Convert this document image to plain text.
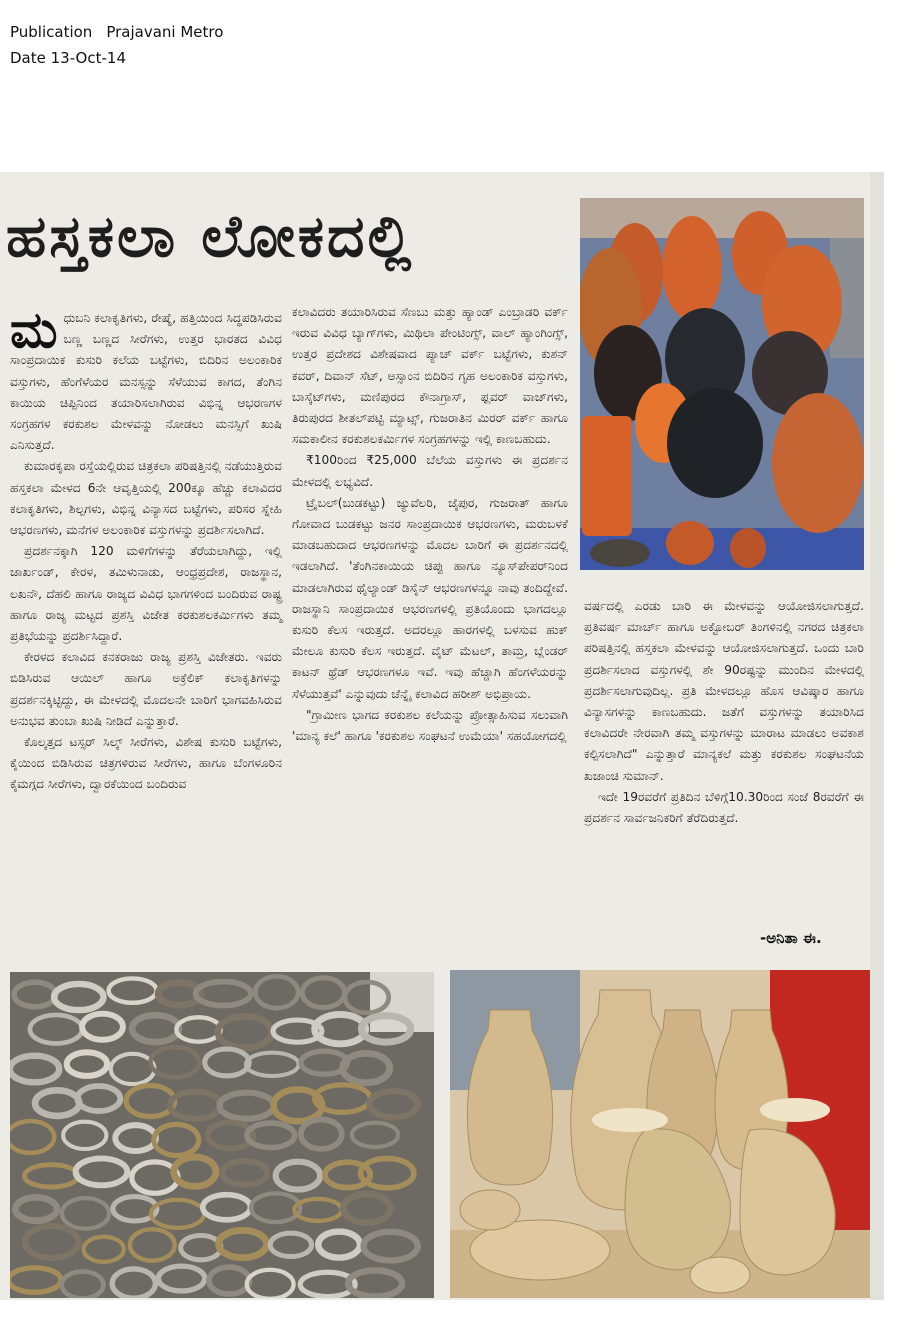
Publication Prajavani Metro
Date 13-Oct-14
ಹಸ್ತಕಲಾ ಲೋಕದಲ್ಲಿ

ಮಧುಬನಿ ಕಲಾಕೃತಿಗಳು, ರೇಷ್ಮೆ, ಹತ್ತಿಯಿಂದ ಸಿದ್ಧಪಡಿಸಿರುವ ಬಣ್ಣ ಬಣ್ಣದ ಸೀರೆಗಳು, ಉತ್ತರ ಭಾರತದ ವಿವಿಧ ಸಾಂಪ್ರದಾಯಿಕ ಕುಸುರಿ ಕಲೆಯ ಬಟ್ಟೆಗಳು, ಬಿದಿರಿನ ಅಲಂಕಾರಿಕ ವಸ್ತುಗಳು, ಹೆಂಗೆಳೆಯರ ಮನಸ್ಸನ್ನು ಸೆಳೆಯುವ ಕಾಗದ, ತೆಂಗಿನ ಕಾಯಿಯ ಚಿಪ್ಪಿನಿಂದ ತಯಾರಿಸಲಾಗಿರುವ ವಿಭಿನ್ನ ಆಭರಣಗಳ ಸಂಗ್ರಹಗಳ ಕರಕುಶಲ ಮೇಳವನ್ನು ನೋಡಲು ಮನಸ್ಸಿಗೆ ಖುಷಿ ಎನಿಸುತ್ತದೆ.

ಕುಮಾರಕೃಪಾ ರಸ್ತೆಯಲ್ಲಿರುವ ಚಿತ್ರಕಲಾ ಪರಿಷತ್ತಿನಲ್ಲಿ ನಡೆಯುತ್ತಿರುವ ಹಸ್ತಕಲಾ ಮೇಳದ 6ನೇ ಆವೃತ್ತಿಯಲ್ಲಿ 200ಕ್ಕೂ ಹೆಚ್ಚು ಕಲಾವಿದರ ಕಲಾಕೃತಿಗಳು, ಶಿಲ್ಪಗಳು, ವಿಭಿನ್ನ ವಿನ್ಯಾಸದ ಬಟ್ಟೆಗಳು, ಪರಿಸರ ಸ್ನೇಹಿ ಆಭರಣಗಳು, ಮನೆಗಳ ಅಲಂಕಾರಿಕ ವಸ್ತುಗಳನ್ನು ಪ್ರದರ್ಶಿಸಲಾಗಿದೆ.

ಪ್ರದರ್ಶನಕ್ಕಾಗಿ 120 ಮಳಿಗೆಗಳನ್ನು ತೆರೆಯಲಾಗಿದ್ದು, ಇಲ್ಲಿ ಜಾರ್ಖಂಡ್, ಕೇರಳ, ತಮಿಳುನಾಡು, ಆಂಧ್ರಪ್ರದೇಶ, ರಾಜಸ್ಥಾನ, ಲಖನೌ, ದೆಹಲಿ ಹಾಗೂ ರಾಜ್ಯದ ವಿವಿಧ ಭಾಗಗಳಿಂದ ಬಂದಿರುವ ರಾಷ್ಟ್ರ ಹಾಗೂ ರಾಜ್ಯ ಮಟ್ಟದ ಪ್ರಶಸ್ತಿ ವಿಜೇತ ಕರಕುಶಲಕರ್ಮಿಗಳು ತಮ್ಮ ಪ್ರತಿಭೆಯನ್ನು ಪ್ರದರ್ಶಿಸಿದ್ದಾರೆ.

ಕೇರಳದ ಕಲಾವಿದ ಕನಕರಾಜು ರಾಜ್ಯ ಪ್ರಶಸ್ತಿ ವಿಜೇತರು. ಇವರು ಬಿಡಿಸಿರುವ ಆಯಿಲ್ ಹಾಗೂ ಅಕ್ರೆಲಿಕ್ ಕಲಾಕೃತಿಗಳನ್ನು ಪ್ರದರ್ಶನಕ್ಕಿಟ್ಟಿದ್ದು, ಈ ಮೇಳದಲ್ಲಿ ಮೊದಲನೇ ಬಾರಿಗೆ ಭಾಗವಹಿಸಿರುವ ಅನುಭವ ತುಂಬಾ ಖುಷಿ ನೀಡಿದೆ ಎನ್ನುತ್ತಾರೆ.

ಕೊಲ್ಕತ್ತದ ಟಸ್ಸರ್ ಸಿಲ್ಕ್ ಸೀರೆಗಳು, ವಿಶೇಷ ಕುಸುರಿ ಬಟ್ಟೆಗಳು, ಕೈಯಿಂದ ಬಿಡಿಸಿರುವ ಚಿತ್ರಗಳಿರುವ ಸೀರೆಗಳು, ಹಾಗೂ ಬೆಂಗಳೂರಿನ ಕೈಮಗ್ಗದ ಸೀರೆಗಳು, ದ್ವಾರಕೆಯಿಂದ ಬಂದಿರುವ

ಕಲಾವಿದರು ತಯಾರಿಸಿರುವ ಸೆಣಬು ಮತ್ತು ಹ್ಯಾಂಡ್ ಎಂಬ್ರಾಡರಿ ವರ್ಕ್ ಇರುವ ವಿವಿಧ ಬ್ಯಾಗ್‌ಗಳು, ಮಿಥಿಲಾ ಪೇಂಟಿಂಗ್ಸ್, ವಾಲ್ ಹ್ಯಾಂಗಿಂಗ್ಸ್, ಉತ್ತರ ಪ್ರದೇಶದ ವಿಶೇಷವಾದ ಪ್ಯಾಚ್ ವರ್ಕ್ ಬಟ್ಟೆಗಳು, ಕುಶನ್ ಕವರ್, ದಿವಾನ್ ಸೆಟ್, ಅಸ್ಸಾಂನ ಬಿದಿರಿನ ಗೃಹ ಅಲಂಕಾರಿಕ ವಸ್ತುಗಳು, ಬಾಸ್ಕೆಟ್‌ಗಳು, ಮಣಿಪುರದ ಕೌನಾಗ್ರಾಸ್, ಫ್ಲವರ್ ವಾಜ್‌ಗಳು, ತಿರುಪುರದ ಶೀತಲ್‌ಪಟ್ಟಿ ಮ್ಯಾಟ್ಸ್, ಗುಜರಾತಿನ ಮಿರರ್ ವರ್ಕ್ ಹಾಗೂ ಸಮಕಾಲೀನ ಕರಕುಶಲಕರ್ಮಿಗಳ ಸಂಗ್ರಹಗಳನ್ನು ಇಲ್ಲಿ ಕಾಣಬಹುದು.

₹100ರಿಂದ ₹25,000 ಬೆಲೆಯ ವಸ್ತುಗಳು ಈ ಪ್ರದರ್ಶನ ಮೇಳದಲ್ಲಿ ಲಭ್ಯವಿದೆ.

ಟ್ರೈಬಲ್(ಬುಡಕಟ್ಟು) ಜ್ಯುವೆಲರಿ, ಜೈಪುರ, ಗುಜರಾತ್ ಹಾಗೂ ಗೋವಾದ ಬುಡಕಟ್ಟು ಜನರ ಸಾಂಪ್ರದಾಯಿಕ ಆಭರಣಗಳು, ಮರುಬಳಕೆ ಮಾಡಬಹುದಾದ ಆಭರಣಗಳನ್ನು ಮೊದಲ ಬಾರಿಗೆ ಈ ಪ್ರದರ್ಶನದಲ್ಲಿ ಇಡಲಾಗಿದೆ. 'ತೆಂಗಿನಕಾಯಿಯ ಚಿಪ್ಪು ಹಾಗೂ ನ್ಯೂಸ್‌ಪೇಪರ್‌ನಿಂದ ಮಾಡಲಾಗಿರುವ ಥೈಲ್ಯಾಂಡ್ ಡಿಸೈನ್ ಆಭರಣಗಳನ್ನೂ ನಾವು ತಂದಿದ್ದೇವೆ. ರಾಜಸ್ಥಾನಿ ಸಾಂಪ್ರದಾಯಿಕ ಆಭರಣಗಳಲ್ಲಿ ಪ್ರತಿಯೊಂದು ಭಾಗದಲ್ಲೂ ಕುಸುರಿ ಕೆಲಸ ಇರುತ್ತದೆ. ಅದರಲ್ಲೂ ಹಾರಗಳಲ್ಲಿ ಬಳಸುವ ಹುಕ್ ಮೇಲೂ ಕುಸುರಿ ಕೆಲಸ ಇರುತ್ತದೆ. ವೈಟ್ ಮೆಟಲ್, ತಾಮ್ರ, ಬ್ಲೆಂಡರ್ ಕಾಟನ್ ಥ್ರೆಡ್ ಆಭರಣಗಳೂ ಇವೆ. ಇವು ಹೆಚ್ಚಾಗಿ ಹೆಂಗಳೆಯರನ್ನು ಸೆಳೆಯುತ್ತವೆ' ಎನ್ನುವುದು ಚೆನ್ನೈ ಕಲಾವಿದ ಹರೀಶ್ ಅಭಿಪ್ರಾಯ.

"ಗ್ರಾಮೀಣ ಭಾಗದ ಕರಕುಶಲ ಕಲೆಯನ್ನು ಪ್ರೋತ್ಸಾಹಿಸುವ ಸಲುವಾಗಿ 'ಮಾನ್ಯ ಕಲೆ' ಹಾಗೂ 'ಕರಕುಶಲ ಸಂಘಟನೆ ಉಮೆಯಾ' ಸಹಯೋಗದಲ್ಲಿ

ವರ್ಷದಲ್ಲಿ ಎರಡು ಬಾರಿ ಈ ಮೇಳವನ್ನು ಆಯೋಜಿಸಲಾಗುತ್ತದೆ. ಪ್ರತಿವರ್ಷ ಮಾರ್ಚ್ ಹಾಗೂ ಅಕ್ಟೋಬರ್ ತಿಂಗಳಿನಲ್ಲಿ ನಗರದ ಚಿತ್ರಕಲಾ ಪರಿಷತ್ತಿನಲ್ಲಿ ಹಸ್ತಕಲಾ ಮೇಳವನ್ನು ಆಯೋಜಿಸಲಾಗುತ್ತದೆ. ಒಂದು ಬಾರಿ ಪ್ರದರ್ಶಿಸಲಾದ ವಸ್ತುಗಳಲ್ಲಿ ಶೇ 90ರಷ್ಟನ್ನು ಮುಂದಿನ ಮೇಳದಲ್ಲಿ ಪ್ರದರ್ಶಿಸಲಾಗುವುದಿಲ್ಲ. ಪ್ರತಿ ಮೇಳದಲ್ಲೂ ಹೊಸ ಆವಿಷ್ಕಾರ ಹಾಗೂ ವಿನ್ಯಾಸಗಳನ್ನು ಕಾಣಬಹುದು. ಜತೆಗೆ ವಸ್ತುಗಳನ್ನು ತಯಾರಿಸಿದ ಕಲಾವಿದರೇ ನೇರವಾಗಿ ತಮ್ಮ ವಸ್ತುಗಳನ್ನು ಮಾರಾಟ ಮಾಡಲು ಅವಕಾಶ ಕಲ್ಪಿಸಲಾಗಿದೆ" ಎನ್ನುತ್ತಾರೆ ಮಾನ್ಯಕಲೆ ಮತ್ತು ಕರಕುಶಲ ಸಂಘಟನೆಯ ಖಜಾಂಚಿ ಸುಮಾನ್.

ಇದೇ 19ರವರೆಗೆ ಪ್ರತಿದಿನ ಬೆಳಿಗ್ಗೆ10.30ರಿಂದ ಸಂಜೆ 8ರವರೆಗೆ ಈ ಪ್ರದರ್ಶನ ಸಾರ್ವಜನಿಕರಿಗೆ ತೆರೆದಿರುತ್ತದೆ.

-ಅನಿತಾ ಈ.
